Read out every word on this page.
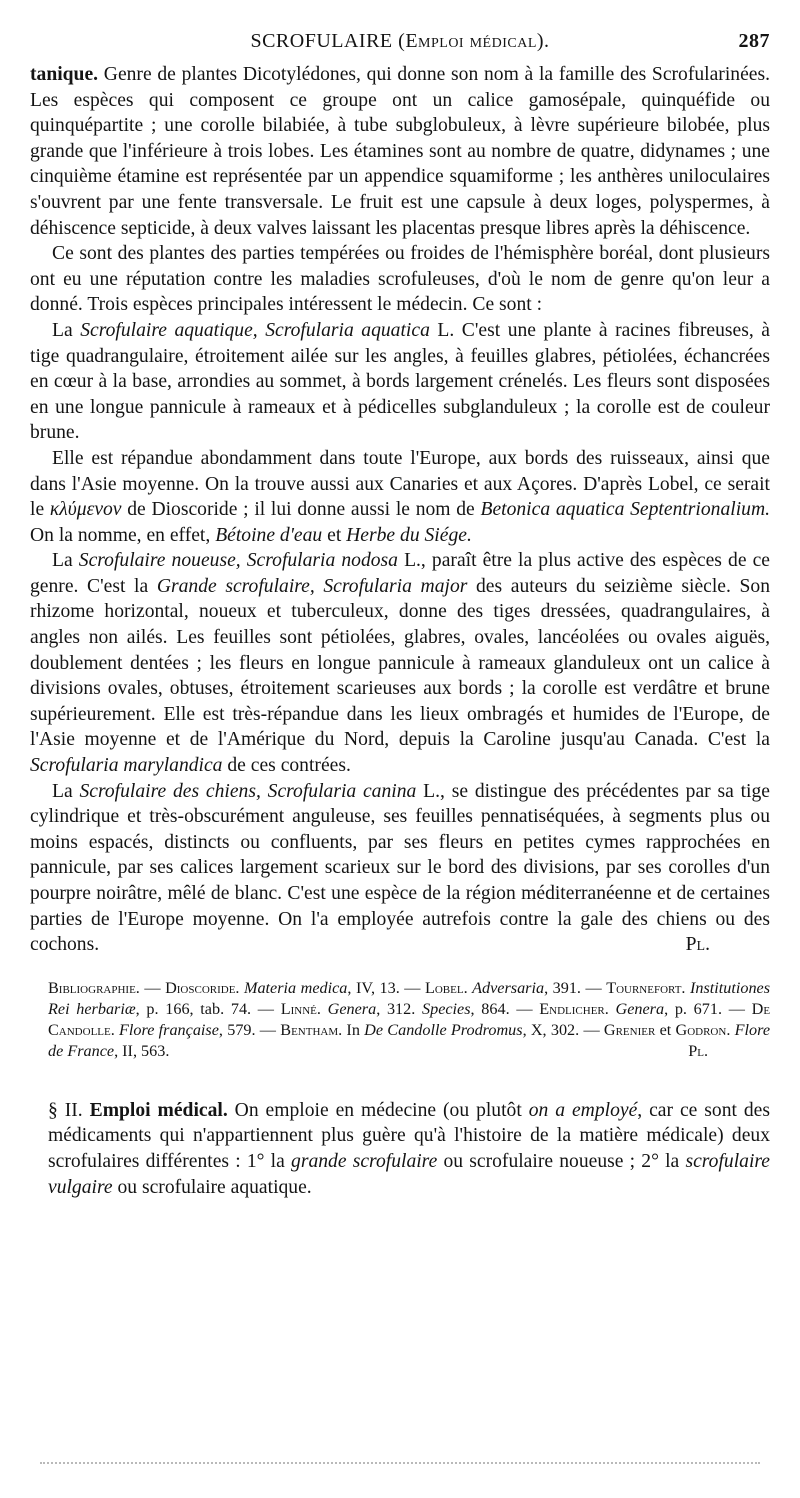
SCROFULAIRE (Emploi médical).	287

tanique. Genre de plantes Dicotylédones, qui donne son nom à la famille des Scrofularinées. Les espèces qui composent ce groupe ont un calice gamosépale, quinquéfide ou quinquépartite ; une corolle bilabiée, à tube subglobuleux, à lèvre supérieure bilobée, plus grande que l'inférieure à trois lobes. Les étamines sont au nombre de quatre, didynames ; une cinquième étamine est représentée par un appendice squamiforme ; les anthères uniloculaires s'ouvrent par une fente transversale. Le fruit est une capsule à deux loges, polyspermes, à déhiscence septicide, à deux valves laissant les placentas presque libres après la déhiscence.

Ce sont des plantes des parties tempérées ou froides de l'hémisphère boréal, dont plusieurs ont eu une réputation contre les maladies scrofuleuses, d'où le nom de genre qu'on leur a donné. Trois espèces principales intéressent le médecin. Ce sont :

La Scrofulaire aquatique, Scrofularia aquatica L. C'est une plante à racines fibreuses, à tige quadrangulaire, étroitement ailée sur les angles, à feuilles glabres, pétiolées, échancrées en cœur à la base, arrondies au sommet, à bords largement crénelés. Les fleurs sont disposées en une longue pannicule à rameaux et à pédicelles subglanduleux ; la corolle est de couleur brune.

Elle est répandue abondamment dans toute l'Europe, aux bords des ruisseaux, ainsi que dans l'Asie moyenne. On la trouve aussi aux Canaries et aux Açores. D'après Lobel, ce serait le κλύμενον de Dioscoride ; il lui donne aussi le nom de Betonica aquatica Septentrionalium. On la nomme, en effet, Bétoine d'eau et Herbe du Siége.

La Scrofulaire noueuse, Scrofularia nodosa L., paraît être la plus active des espèces de ce genre. C'est la Grande scrofulaire, Scrofularia major des auteurs du seizième siècle. Son rhizome horizontal, noueux et tuberculeux, donne des tiges dressées, quadrangulaires, à angles non ailés. Les feuilles sont pétiolées, glabres, ovales, lancéolées ou ovales aiguës, doublement dentées ; les fleurs en longue pannicule à rameaux glanduleux ont un calice à divisions ovales, obtuses, étroitement scarieuses aux bords ; la corolle est verdâtre et brune supérieurement. Elle est très-répandue dans les lieux ombragés et humides de l'Europe, de l'Asie moyenne et de l'Amérique du Nord, depuis la Caroline jusqu'au Canada. C'est la Scrofularia marylandica de ces contrées.

La Scrofulaire des chiens, Scrofularia canina L., se distingue des précédentes par sa tige cylindrique et très-obscurément anguleuse, ses feuilles pennatiséquées, à segments plus ou moins espacés, distincts ou confluents, par ses fleurs en petites cymes rapprochées en pannicule, par ses calices largement scarieux sur le bord des divisions, par ses corolles d'un pourpre noirâtre, mêlé de blanc. C'est une espèce de la région méditerranéenne et de certaines parties de l'Europe moyenne. On l'a employée autrefois contre la gale des chiens ou des cochons.	Pl.

Bibliographie. — Dioscoride. Materia medica, IV, 13. — Lobel. Adversaria, 391. — Tournefort. Institutiones Rei herbariæ, p. 166, tab. 74. — Linné. Genera, 312. Species, 864. — Endlicher. Genera, p. 671. — De Candolle. Flore française, 579. — Bentham. In De Candolle Prodromus, X, 302. — Grenier et Godron. Flore de France, II, 563.	Pl.
§ II. Emploi médical. On emploie en médecine (ou plutôt on a employé, car ce sont des médicaments qui n'appartiennent plus guère qu'à l'histoire de la matière médicale) deux scrofulaires différentes : 1° la grande scrofulaire ou scrofulaire noueuse ; 2° la scrofulaire vulgaire ou scrofulaire aquatique.
